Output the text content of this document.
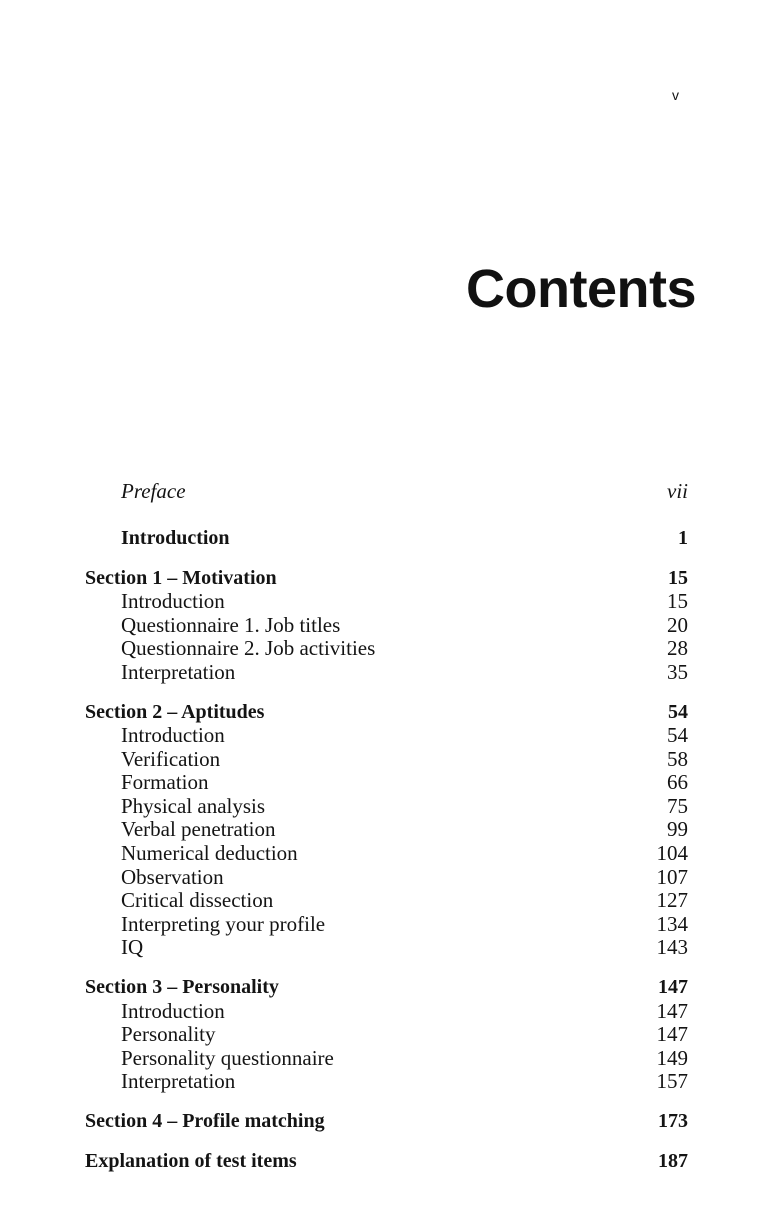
v
Contents
Preface	vii
Introduction	1
Section 1 – Motivation	15
Introduction	15
Questionnaire 1. Job titles	20
Questionnaire 2. Job activities	28
Interpretation	35
Section 2 – Aptitudes	54
Introduction	54
Verification	58
Formation	66
Physical analysis	75
Verbal penetration	99
Numerical deduction	104
Observation	107
Critical dissection	127
Interpreting your profile	134
IQ	143
Section 3 – Personality	147
Introduction	147
Personality	147
Personality questionnaire	149
Interpretation	157
Section 4 – Profile matching	173
Explanation of test items	187
